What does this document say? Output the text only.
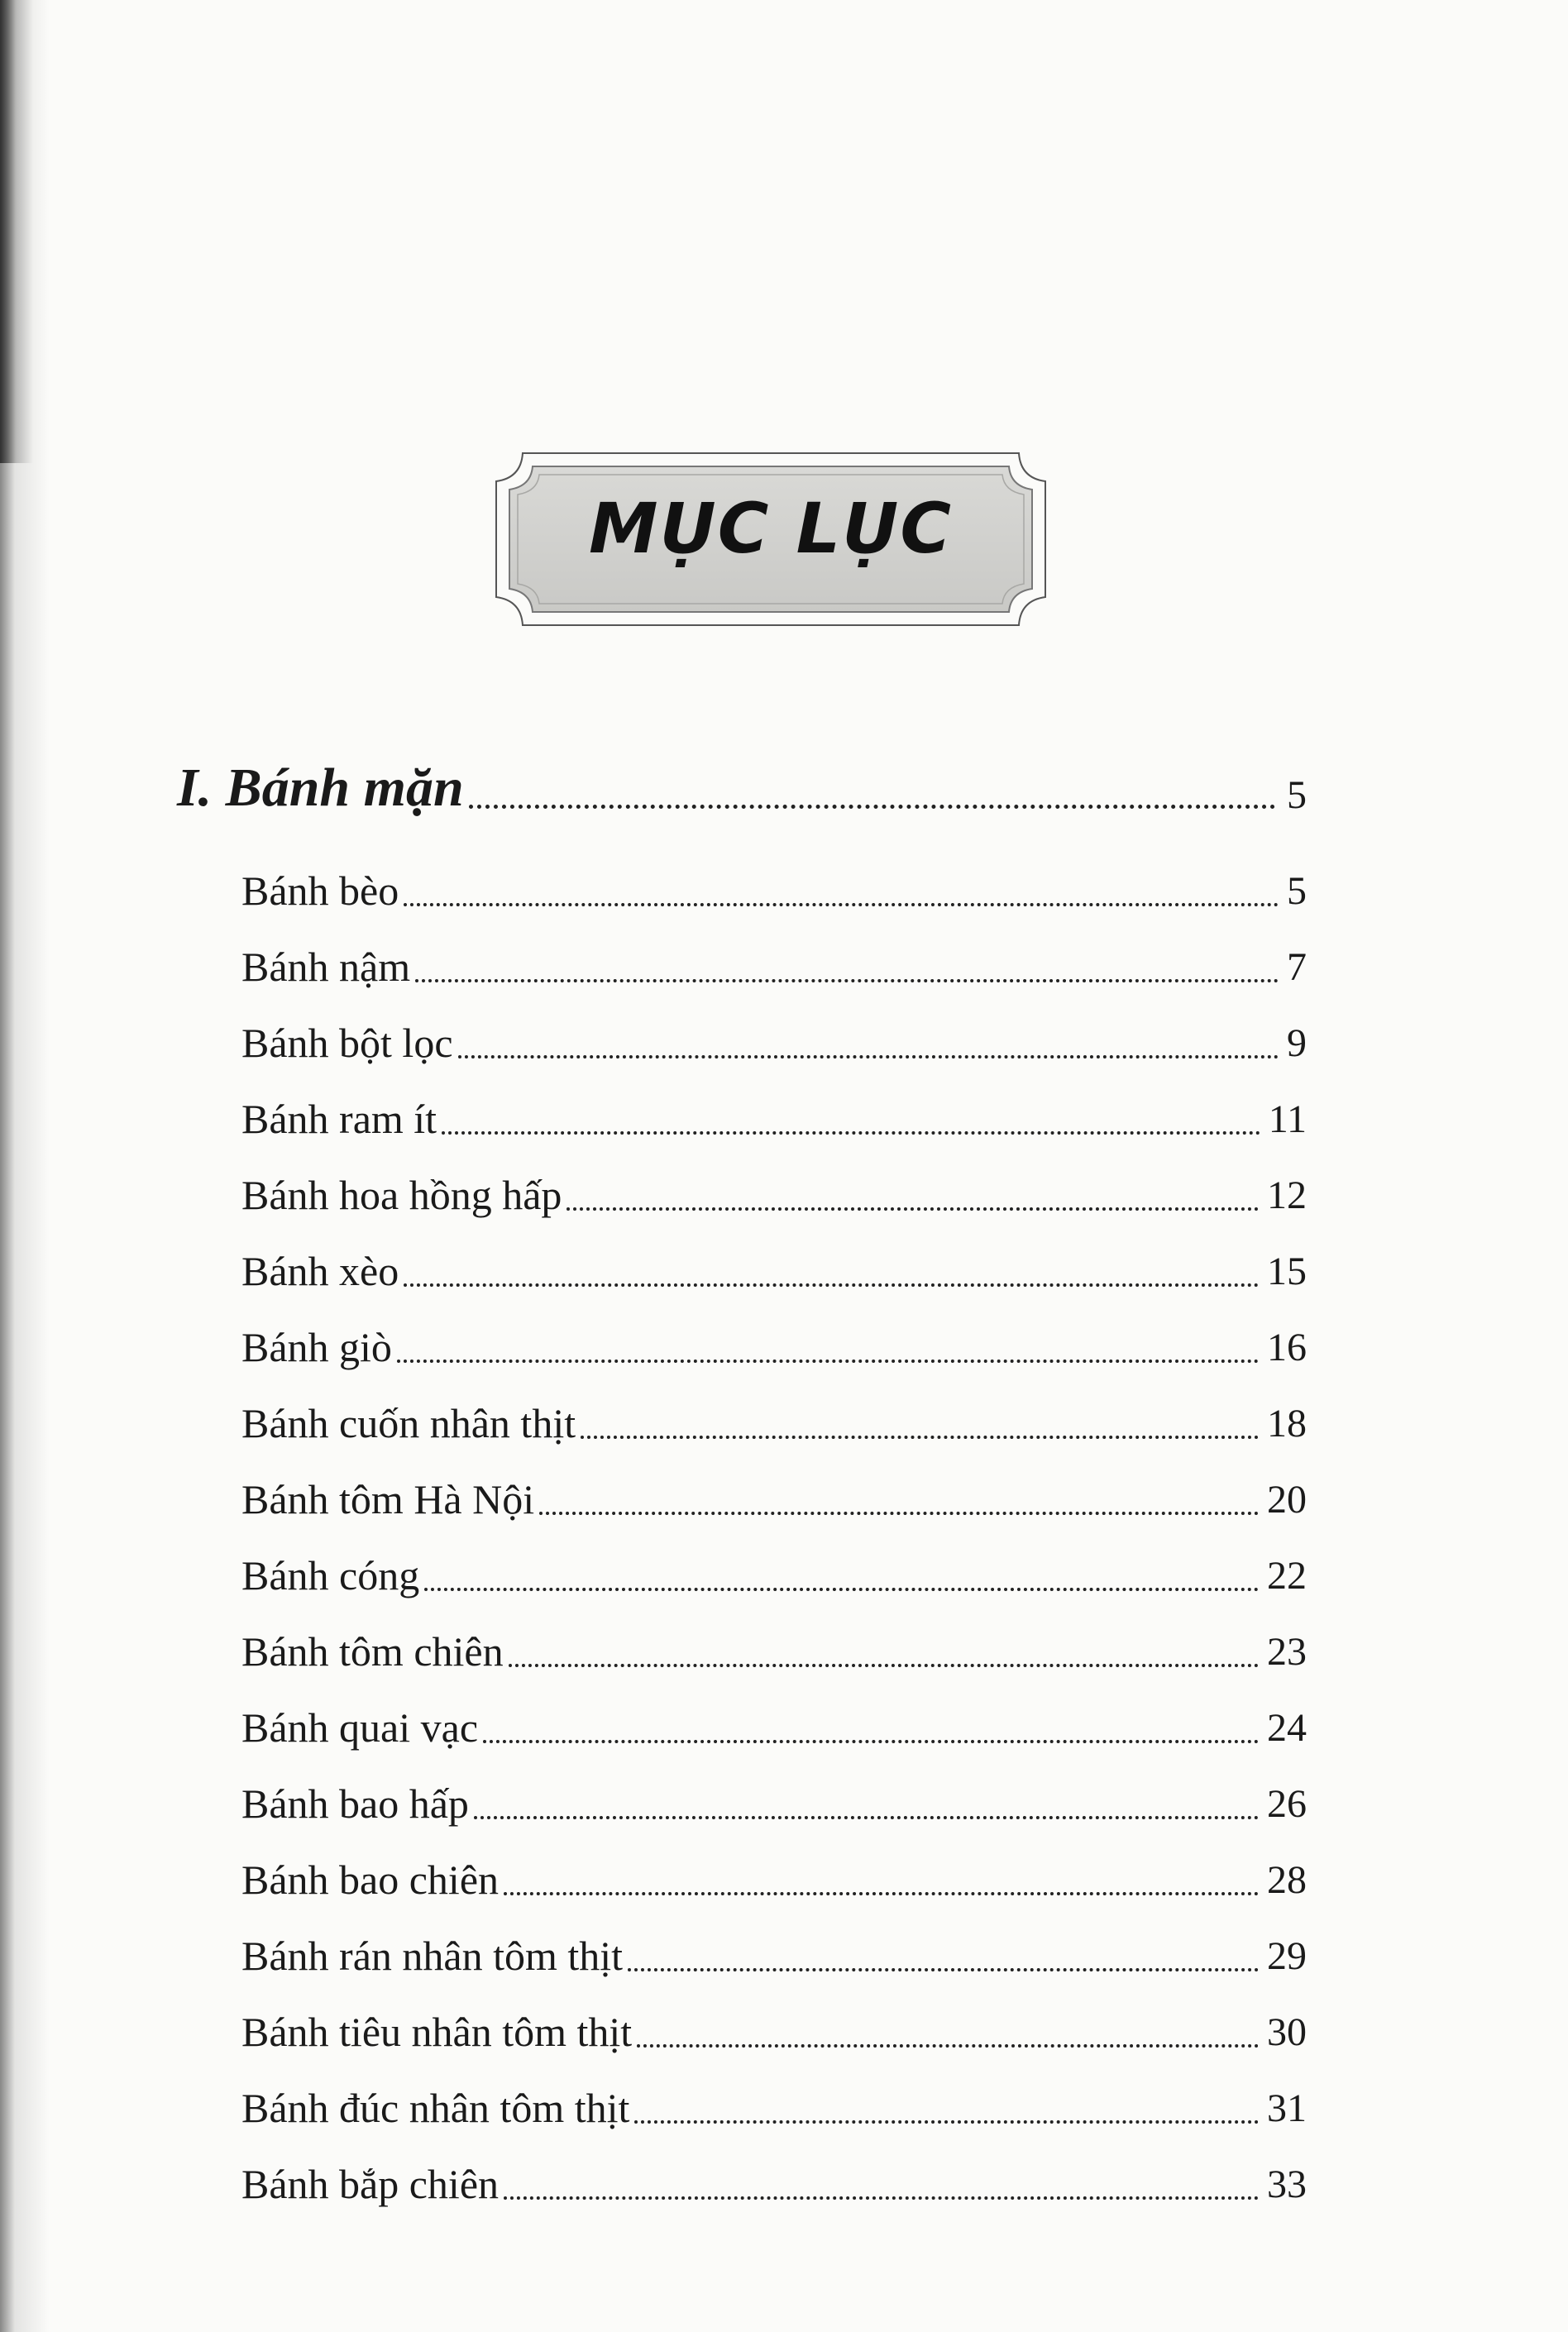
MỤC LỤC
I. Bánh mặn	5
Bánh bèo	5
Bánh nậm	7
Bánh bột lọc	9
Bánh ram ít	11
Bánh hoa hồng hấp	12
Bánh xèo	15
Bánh giò	16
Bánh cuốn nhân thịt	18
Bánh tôm Hà Nội	20
Bánh cóng	22
Bánh tôm chiên	23
Bánh quai vạc	24
Bánh bao hấp	26
Bánh bao chiên	28
Bánh rán nhân tôm thịt	29
Bánh tiêu nhân tôm thịt	30
Bánh đúc nhân tôm thịt	31
Bánh bắp chiên	33
